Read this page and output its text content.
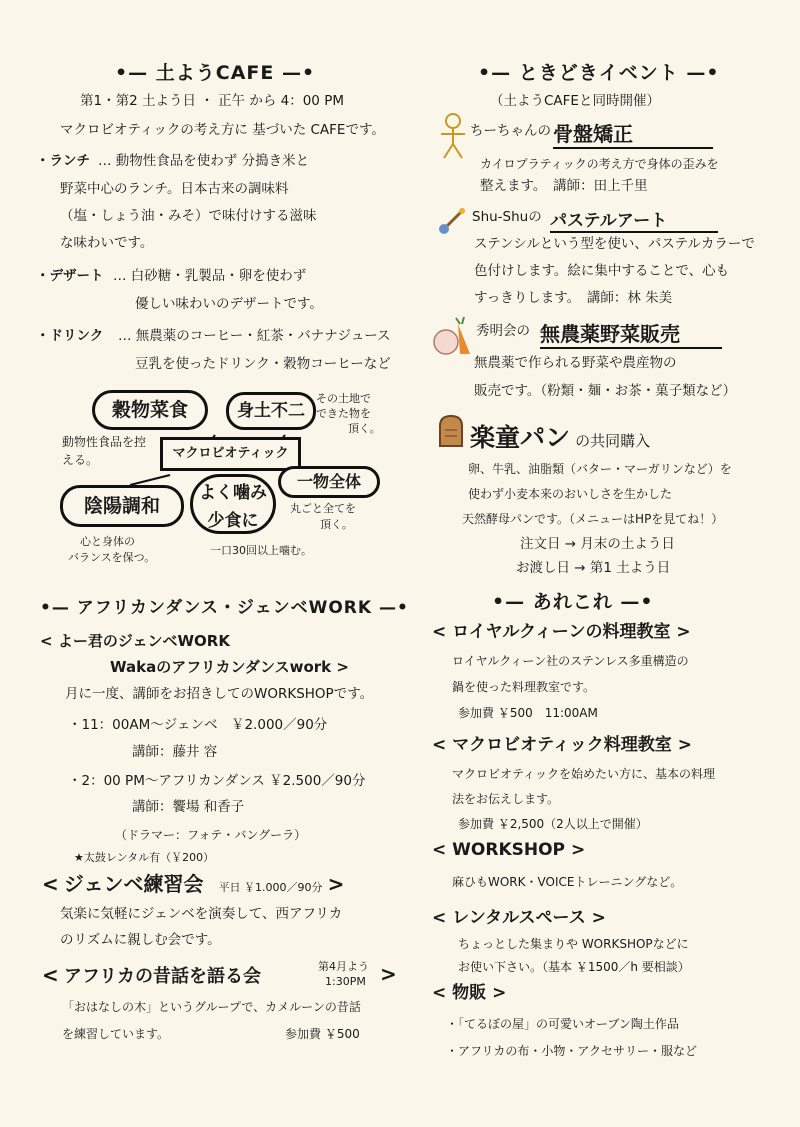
•— 土ようCAFE —•
第1・第2 土よう日 ・ 正午 から 4：00 PM
マクロビオティックの考え方に 基づいた CAFEです。
・ランチ … 動物性食品を使わず 分搗き米と
野菜中心のランチ。日本古来の調味料
（塩・しょう油・みそ）で味付けする滋味
な味わいです。
・デザート … 白砂糖・乳製品・卵を使わず
優しい味わいのデザートです。
・ドリンク … 無農薬のコーヒー・紅茶・バナナジュース
豆乳を使ったドリンク・穀物コーヒーなど
穀物菜食	身土不二
その土地で
できた物を
頂く。
動物性食品を控える。	マクロビオティック
一物全体
丸ごと全てを
頂く。
陰陽調和
心と身体の
バランスを保つ。
よく噛み
少食に
一口30回以上噛む。
•— アフリカンダンス・ジェンベWORK —•
< よー君のジェンベWORK
Wakaのアフリカンダンスwork >
月に一度、講師をお招きしてのWORKSHOPです。
・11：00AM～ジェンベ　￥2.000／90分
講師：藤井 容
・2：00 PM～アフリカンダンス ￥2.500／90分
講師：饗場 和香子
（ドラマー：フォテ・バングーラ）
★太鼓レンタル有（￥200）
< ジェンベ練習会 平日 ￥1.000／90分 >
気楽に気軽にジェンベを演奏して、西アフリカ
のリズムに親しむ会です。
< アフリカの昔話を語る会	第4月よう
1:30PM >
「おはなしの木」というグループで、カメルーンの昔話
を練習しています。	参加費 ￥500
•— ときどきイベント —•
（土ようCAFEと同時開催）
ちーちゃんの 骨盤矯正
カイロプラティックの考え方で身体の歪みを
整えます。　講師：田上千里
Shu-Shuの パステルアート
ステンシルという型を使い、パステルカラーで
色付けします。絵に集中することで、心も
すっきりします。　講師：林 朱美
秀明会の 無農薬野菜販売
無農薬で作られる野菜や農産物の
販売です。（粉類・麺・お茶・菓子類など）
楽童パン の共同購入
卵、牛乳、油脂類（バター・マーガリンなど）を
使わず小麦本来のおいしさを生かした
天然酵母パンです。（メニューはHPを見てね！）
注文日 → 月末の土よう日
お渡し日 → 第1 土よう日
•— あれこれ —•
< ロイヤルクィーンの料理教室 >
ロイヤルクィーン社のステンレス多重構造の
鍋を使った料理教室です。
参加費 ￥500　11:00AM
< マクロビオティック料理教室 >
マクロビオティックを始めたい方に、基本の料理
法をお伝えします。
参加費 ￥2,500（2人以上で開催）
< WORKSHOP >
麻ひもWORK・VOICEトレーニングなど。
< レンタルスペース >
ちょっとした集まりや WORKSHOPなどに
お使い下さい。（基本 ￥1500／h 要相談）
< 物販 >
・「てるぼの屋」の可愛いオーブン陶土作品
・アフリカの布・小物・アクセサリー・服など
